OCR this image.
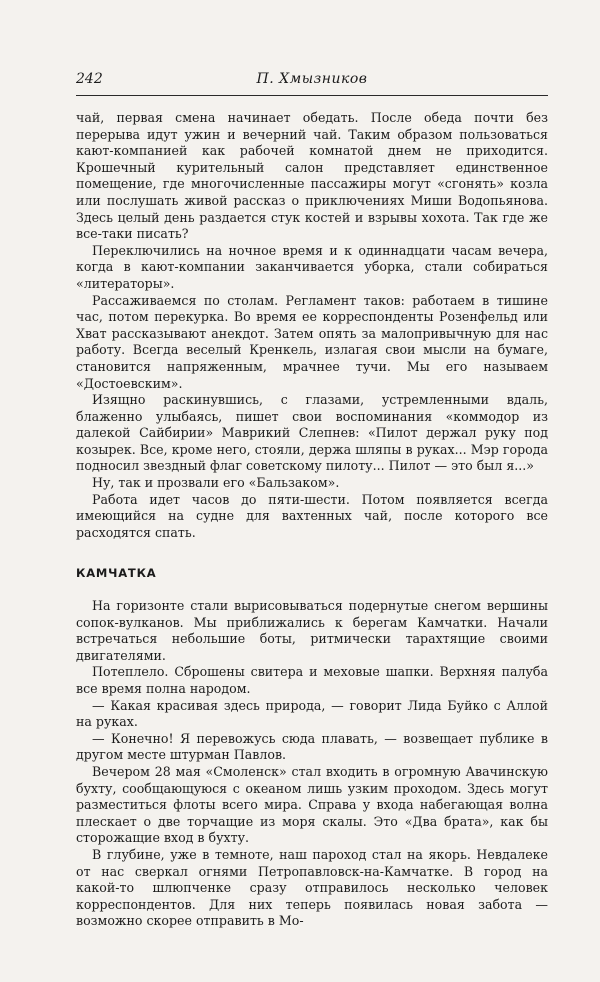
242	П. Хмызников

чай, первая смена начинает обедать. После обеда почти без перерыва идут ужин и вечерний чай. Таким образом пользоваться кают-компанией как рабочей комнатой днем не приходится. Крошечный курительный салон представляет единственное помещение, где многочисленные пассажиры могут «сгонять» козла или послушать живой рассказ о приключениях Миши Водопьянова. Здесь целый день раздается стук костей и взрывы хохота. Так где же все-таки писать?

Переключились на ночное время и к одиннадцати часам вечера, когда в кают-компании заканчивается уборка, стали собираться «литераторы».

Рассаживаемся по столам. Регламент таков: работаем в тишине час, потом перекурка. Во время ее корреспонденты Розенфельд или Хват рассказывают анекдот. Затем опять за малопривычную для нас работу. Всегда веселый Кренкель, излагая свои мысли на бумаге, становится напряженным, мрачнее тучи. Мы его называем «Достоевским».

Изящно раскинувшись, с глазами, устремленными вдаль, блаженно улыбаясь, пишет свои воспоминания «коммодор из далекой Сайбирии» Маврикий Слепнев: «Пилот держал руку под козырек. Все, кроме него, стояли, держа шляпы в руках... Мэр города подносил звездный флаг советскому пилоту... Пилот — это был я...»

Ну, так и прозвали его «Бальзаком».

Работа идет часов до пяти-шести. Потом появляется всегда имеющийся на судне для вахтенных чай, после которого все расходятся спать.

КАМЧАТКА

На горизонте стали вырисовываться подернутые снегом вершины сопок-вулканов. Мы приближались к берегам Камчатки. Начали встречаться небольшие боты, ритмически тарахтящие своими двигателями.

Потеплело. Сброшены свитера и меховые шапки. Верхняя палуба все время полна народом.

— Какая красивая здесь природа, — говорит Лида Буйко с Аллой на руках.

— Конечно! Я перевожусь сюда плавать, — возвещает публике в другом месте штурман Павлов.

Вечером 28 мая «Смоленск» стал входить в огромную Авачинскую бухту, сообщающуюся с океаном лишь узким проходом. Здесь могут разместиться флоты всего мира. Справа у входа набегающая волна плескает о две торчащие из моря скалы. Это «Два брата», как бы сторожащие вход в бухту.

В глубине, уже в темноте, наш пароход стал на якорь. Невдалеке от нас сверкал огнями Петропавловск-на-Камчатке. В город на какой-то шлюпченке сразу отправилось несколько человек корреспондентов. Для них теперь появилась новая забота — возможно скорее отправить в Мо-
